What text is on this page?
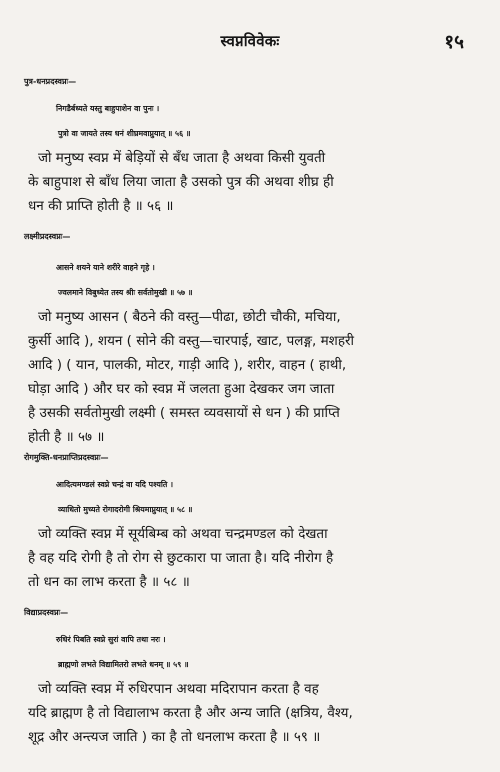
स्वप्नविवेकः	१५
पुत्र-धनप्रदस्वप्नः—
निगडैर्बध्यते यस्तु बाहुपाशेन वा पुनः ।
पुत्रो वा जायते तस्य धनं शीघ्रमवाप्नुयात् ॥ ५६ ॥
जो मनुष्य स्वप्न में बेड़ियों से बँध जाता है अथवा किसी युवती
के बाहुपाश से बाँध लिया जाता है उसको पुत्र की अथवा शीघ्र ही
धन की प्राप्ति होती है ॥ ५६ ॥
लक्ष्मीप्रदस्वप्नः—
आसने शयने याने शरीरे वाहने गृहे ।
ज्वलमाने विबुध्येत तस्य श्रीः सर्वतोमुखी ॥ ५७ ॥
जो मनुष्य आसन ( बैठने की वस्तु—पीढा, छोटी चौकी, मचिया,
कुर्सी आदि ), शयन ( सोने की वस्तु—चारपाई, खाट, पलङ्ग, मशहरी
आदि ) ( यान, पालकी, मोटर, गाड़ी आदि ), शरीर, वाहन ( हाथी,
घोड़ा आदि ) और घर को स्वप्न में जलता हुआ देखकर जग जाता
है उसकी सर्वतोमुखी लक्ष्मी ( समस्त व्यवसायों से धन ) की प्राप्ति
होती है ॥ ५७ ॥
रोगमुक्ति-धनप्राप्तिप्रदस्वप्नः—
आदित्यमण्डलं स्वप्ने चन्द्रं वा यदि पश्यति ।
व्याधितो मुच्यते रोगादरोगी श्रियमाप्नुयात् ॥ ५८ ॥
जो व्यक्ति स्वप्न में सूर्यबिम्ब को अथवा चन्द्रमण्डल को देखता
है वह यदि रोगी है तो रोग से छुटकारा पा जाता है। यदि नीरोग है
तो धन का लाभ करता है ॥ ५८ ॥
विद्याप्रदस्वप्नः—
रुधिरं पिबति स्वप्ने सुरां वापि तथा नरः ।
ब्राह्मणो लभते विद्यामितरो लभते धनम् ॥ ५९ ॥
जो व्यक्ति स्वप्न में रुधिरपान अथवा मदिरापान करता है वह
यदि ब्राह्मण है तो विद्यालाभ करता है और अन्य जाति (क्षत्रिय, वैश्य,
शूद्र और अन्त्यज जाति ) का है तो धनलाभ करता है ॥ ५९ ॥
